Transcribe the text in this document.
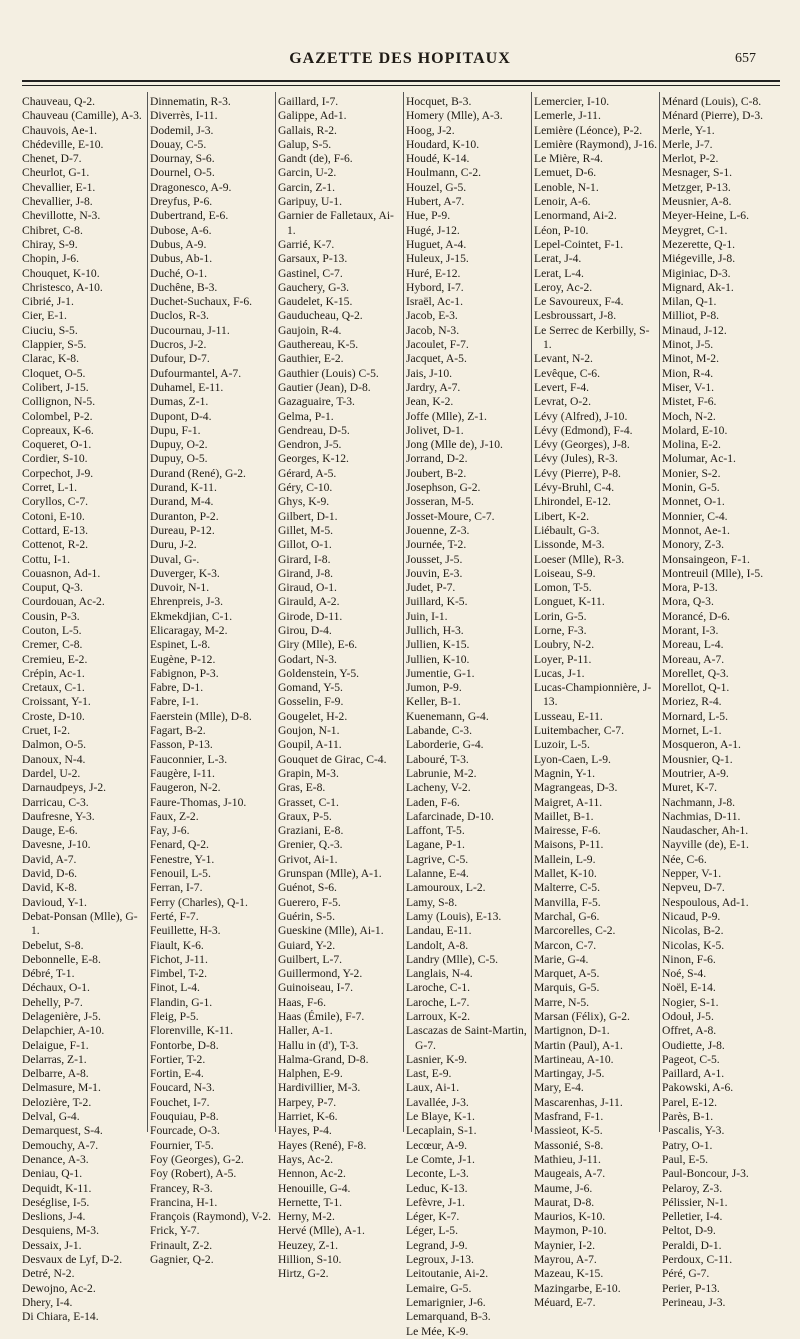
GAZETTE DES HOPITAUX	657

Chauveau, Q-2.

Chauveau (Camille), A-3.

Chauvois, Ae-1.

Chédeville, E-10.

Chenet, D-7.

Cheurlot, G-1.

Chevallier, E-1.

Chevallier, J-8.

Chevillotte, N-3.

Chibret, C-8.

Chiray, S-9.

Chopin, J-6.

Chouquet, K-10.

Christesco, A-10.

Cibrié, J-1.

Cier, E-1.

Ciuciu, S-5.

Clappier, S-5.

Clarac, K-8.

Cloquet, O-5.

Colibert, J-15.

Collignon, N-5.

Colombel, P-2.

Copreaux, K-6.

Coqueret, O-1.

Cordier, S-10.

Corpechot, J-9.

Corret, L-1.

Coryllos, C-7.

Cotoni, E-10.

Cottard, E-13.

Cottenot, R-2.

Cottu, I-1.

Couasnon, Ad-1.

Couput, Q-3.

Courdouan, Ac-2.

Cousin, P-3.

Couton, L-5.

Cremer, C-8.

Cremieu, E-2.

Crépin, Ac-1.

Cretaux, C-1.

Croissant, Y-1.

Croste, D-10.

Cruet, I-2.

Dalmon, O-5.

Danoux, N-4.

Dardel, U-2.

Darnaudpeys, J-2.

Darricau, C-3.

Daufresne, Y-3.

Dauge, E-6.

Davesne, J-10.

David, A-7.

David, D-6.

David, K-8.

Davioud, Y-1.

Debat-Ponsan (Mlle), G-1.

Debelut, S-8.

Debonnelle, E-8.

Débré, T-1.

Déchaux, O-1.

Dehelly, P-7.

Delagenière, J-5.

Delapchier, A-10.

Delaigue, F-1.

Delarras, Z-1.

Delbarre, A-8.

Delmasure, M-1.

Delozière, T-2.

Delval, G-4.

Demarquest, S-4.

Demouchy, A-7.

Denance, A-3.

Deniau, Q-1.

Dequidt, K-11.

Deséglise, I-5.

Deslions, J-4.

Desquiens, M-3.

Dessaix, J-1.

Desvaux de Lyf, D-2.

Detré, N-2.

Dewojno, Ac-2.

Dhery, I-4.

Di Chiara, E-14.

Dinnematin, R-3.

Diverrès, I-11.

Dodemil, J-3.

Douay, C-5.

Dournay, S-6.

Dournel, O-5.

Dragonesco, A-9.

Dreyfus, P-6.

Dubertrand, E-6.

Dubose, A-6.

Dubus, A-9.

Dubus, Ab-1.

Duché, O-1.

Duchêne, B-3.

Duchet-Suchaux, F-6.

Duclos, R-3.

Ducournau, J-11.

Ducros, J-2.

Dufour, D-7.

Dufourmantel, A-7.

Duhamel, E-11.

Dumas, Z-1.

Dupont, D-4.

Dupu, F-1.

Dupuy, O-2.

Dupuy, O-5.

Durand (René), G-2.

Durand, K-11.

Durand, M-4.

Duranton, P-2.

Dureau, P-12.

Duru, J-2.

Duval, G-.

Duverger, K-3.

Duvoir, N-1.

Ehrenpreis, J-3.

Ekmekdjian, C-1.

Elicaragay, M-2.

Espinet, L-8.

Eugène, P-12.

Fabignon, P-3.

Fabre, D-1.

Fabre, I-1.

Faerstein (Mlle), D-8.

Fagart, B-2.

Fasson, P-13.

Fauconnier, L-3.

Faugère, I-11.

Faugeron, N-2.

Faure-Thomas, J-10.

Faux, Z-2.

Fay, J-6.

Fenard, Q-2.

Fenestre, Y-1.

Fenouil, L-5.

Ferran, I-7.

Ferry (Charles), Q-1.

Ferté, F-7.

Feuillette, H-3.

Fiault, K-6.

Fichot, J-11.

Fimbel, T-2.

Finot, L-4.

Flandin, G-1.

Fleig, P-5.

Florenville, K-11.

Fontorbe, D-8.

Fortier, T-2.

Fortin, E-4.

Foucard, N-3.

Fouchet, I-7.

Fouquiau, P-8.

Fourcade, O-3.

Fournier, T-5.

Foy (Georges), G-2.

Foy (Robert), A-5.

Francey, R-3.

Francina, H-1.

François (Raymond), V-2.

Frick, Y-7.

Frinault, Z-2.

Gagnier, Q-2.

Gaillard, I-7.

Galippe, Ad-1.

Gallais, R-2.

Galup, S-5.

Gandt (de), F-6.

Garcin, U-2.

Garcin, Z-1.

Garipuy, U-1.

Garnier de Falletaux, Ai-1.

Garrié, K-7.

Garsaux, P-13.

Gastinel, C-7.

Gauchery, G-3.

Gaudelet, K-15.

Gauducheau, Q-2.

Gaujoin, R-4.

Gauthereau, K-5.

Gauthier, E-2.

Gauthier (Louis) C-5.

Gautier (Jean), D-8.

Gazaguaire, T-3.

Gelma, P-1.

Gendreau, D-5.

Gendron, J-5.

Georges, K-12.

Gérard, A-5.

Géry, C-10.

Ghys, K-9.

Gilbert, D-1.

Gillet, M-5.

Gillot, O-1.

Girard, I-8.

Girand, J-8.

Giraud, O-1.

Girauld, A-2.

Girode, D-11.

Girou, D-4.

Giry (Mlle), E-6.

Godart, N-3.

Goldenstein, Y-5.

Gomand, Y-5.

Gosselin, F-9.

Gougelet, H-2.

Goujon, N-1.

Goupil, A-11.

Gouquet de Girac, C-4.

Grapin, M-3.

Gras, E-8.

Grasset, C-1.

Graux, P-5.

Graziani, E-8.

Grenier, Q.-3.

Grivot, Ai-1.

Grunspan (Mlle), A-1.

Guénot, S-6.

Guerero, F-5.

Guérin, S-5.

Gueskine (Mlle), Ai-1.

Guiard, Y-2.

Guilbert, L-7.

Guillermond, Y-2.

Guinoiseau, I-7.

Haas, F-6.

Haas (Émile), F-7.

Haller, A-1.

Hallu in (d'), T-3.

Halma-Grand, D-8.

Halphen, E-9.

Hardivillier, M-3.

Harpey, P-7.

Harriet, K-6.

Hayes, P-4.

Hayes (René), F-8.

Hays, Ac-2.

Hennon, Ac-2.

Henouille, G-4.

Hernette, T-1.

Herny, M-2.

Hervé (Mlle), A-1.

Heuzey, Z-1.

Hillion, S-10.

Hirtz, G-2.

Hocquet, B-3.

Homery (Mlle), A-3.

Hoog, J-2.

Houdard, K-10.

Houdé, K-14.

Houlmann, C-2.

Houzel, G-5.

Hubert, A-7.

Hue, P-9.

Hugé, J-12.

Huguet, A-4.

Huleux, J-15.

Huré, E-12.

Hybord, I-7.

Israël, Ac-1.

Jacob, E-3.

Jacob, N-3.

Jacoulet, F-7.

Jacquet, A-5.

Jais, J-10.

Jardry, A-7.

Jean, K-2.

Joffe (Mlle), Z-1.

Jolivet, D-1.

Jong (Mlle de), J-10.

Jorrand, D-2.

Joubert, B-2.

Josephson, G-2.

Josseran, M-5.

Josset-Moure, C-7.

Jouenne, Z-3.

Journée, T-2.

Jousset, J-5.

Jouvin, E-3.

Judet, P-7.

Juillard, K-5.

Juin, I-1.

Jullich, H-3.

Jullien, K-15.

Jullien, K-10.

Jumentie, G-1.

Jumon, P-9.

Keller, B-1.

Kuenemann, G-4.

Labande, C-3.

Laborderie, G-4.

Labouré, T-3.

Labrunie, M-2.

Lacheny, V-2.

Laden, F-6.

Lafarcinade, D-10.

Laffont, T-5.

Lagane, P-1.

Lagrive, C-5.

Lalanne, E-4.

Lamouroux, L-2.

Lamy, S-8.

Lamy (Louis), E-13.

Landau, E-11.

Landolt, A-8.

Landry (Mlle), C-5.

Langlais, N-4.

Laroche, C-1.

Laroche, L-7.

Larroux, K-2.

Lascazas de Saint-Martin, G-7.

Lasnier, K-9.

Last, E-9.

Laux, Ai-1.

Lavallée, J-3.

Le Blaye, K-1.

Lecaplain, S-1.

Lecœur, A-9.

Le Comte, J-1.

Leconte, L-3.

Leduc, K-13.

Lefèvre, J-1.

Léger, K-7.

Léger, L-5.

Legrand, J-9.

Legroux, J-13.

Leitoutanie, Ai-2.

Lemaire, G-5.

Lemarignier, J-6.

Lemarquand, B-3.

Le Mée, K-9.

Lemercier, I-10.

Lemerle, J-11.

Lemière (Léonce), P-2.

Lemière (Raymond), J-16.

Le Mière, R-4.

Lemuet, D-6.

Lenoble, N-1.

Lenoir, A-6.

Lenormand, Ai-2.

Léon, P-10.

Lepel-Cointet, F-1.

Lerat, J-4.

Lerat, L-4.

Leroy, Ac-2.

Le Savoureux, F-4.

Lesbroussart, J-8.

Le Serrec de Kerbilly, S-1.

Levant, N-2.

Levêque, C-6.

Levert, F-4.

Levrat, O-2.

Lévy (Alfred), J-10.

Lévy (Edmond), F-4.

Lévy (Georges), J-8.

Lévy (Jules), R-3.

Lévy (Pierre), P-8.

Lévy-Bruhl, C-4.

Lhirondel, E-12.

Libert, K-2.

Liébault, G-3.

Lissonde, M-3.

Loeser (Mlle), R-3.

Loiseau, S-9.

Lomon, T-5.

Longuet, K-11.

Lorin, G-5.

Lorne, F-3.

Loubry, N-2.

Loyer, P-11.

Lucas, J-1.

Lucas-Championnière, J-13.

Lusseau, E-11.

Luitembacher, C-7.

Luzoir, L-5.

Lyon-Caen, L-9.

Magnin, Y-1.

Magrangeas, D-3.

Maigret, A-11.

Maillet, B-1.

Mairesse, F-6.

Maisons, P-11.

Mallein, L-9.

Mallet, K-10.

Malterre, C-5.

Manvilla, F-5.

Marchal, G-6.

Marcorelles, C-2.

Marcon, C-7.

Marie, G-4.

Marquet, A-5.

Marquis, G-5.

Marre, N-5.

Marsan (Félix), G-2.

Martignon, D-1.

Martin (Paul), A-1.

Martineau, A-10.

Martingay, J-5.

Mary, E-4.

Mascarenhas, J-11.

Masfrand, F-1.

Massieot, K-5.

Massonié, S-8.

Mathieu, J-11.

Maugeais, A-7.

Maume, J-6.

Maurat, D-8.

Maurios, K-10.

Maymon, P-10.

Maynier, I-2.

Mayrou, A-7.

Mazeau, K-15.

Mazingarbe, E-10.

Méuard, E-7.

Ménard (Louis), C-8.

Ménard (Pierre), D-3.

Merle, Y-1.

Merle, J-7.

Merlot, P-2.

Mesnager, S-1.

Metzger, P-13.

Meusnier, A-8.

Meyer-Heine, L-6.

Meygret, C-1.

Mezerette, Q-1.

Miégeville, J-8.

Miginiac, D-3.

Mignard, Ak-1.

Milan, Q-1.

Milliot, P-8.

Minaud, J-12.

Minot, J-5.

Minot, M-2.

Mion, R-4.

Miser, V-1.

Mistet, F-6.

Moch, N-2.

Molard, E-10.

Molina, E-2.

Molumar, Ac-1.

Monier, S-2.

Monin, G-5.

Monnet, O-1.

Monnier, C-4.

Monnot, Ae-1.

Monory, Z-3.

Monsaingeon, F-1.

Montreuil (Mlle), I-5.

Mora, P-13.

Mora, Q-3.

Morancé, D-6.

Morant, I-3.

Moreau, L-4.

Moreau, A-7.

Morellet, Q-3.

Morellot, Q-1.

Moriez, R-4.

Mornard, L-5.

Mornet, L-1.

Mosqueron, A-1.

Mousnier, Q-1.

Moutrier, A-9.

Muret, K-7.

Nachmann, J-8.

Nachmias, D-11.

Naudascher, Ah-1.

Nayville (de), E-1.

Née, C-6.

Nepper, V-1.

Nepveu, D-7.

Nespoulous, Ad-1.

Nicaud, P-9.

Nicolas, B-2.

Nicolas, K-5.

Ninon, F-6.

Noé, S-4.

Noël, E-14.

Nogier, S-1.

Odouł, J-5.

Offret, A-8.

Oudiette, J-8.

Pageot, C-5.

Paillard, A-1.

Pakowski, A-6.

Parel, E-12.

Parès, B-1.

Pascalis, Y-3.

Patry, O-1.

Paul, E-5.

Paul-Boncour, J-3.

Pelaroy, Z-3.

Pélissier, N-1.

Pelletier, I-4.

Peltot, D-9.

Peraldi, D-1.

Perdoux, C-11.

Péré, G-7.

Perier, P-13.

Perineau, J-3.
